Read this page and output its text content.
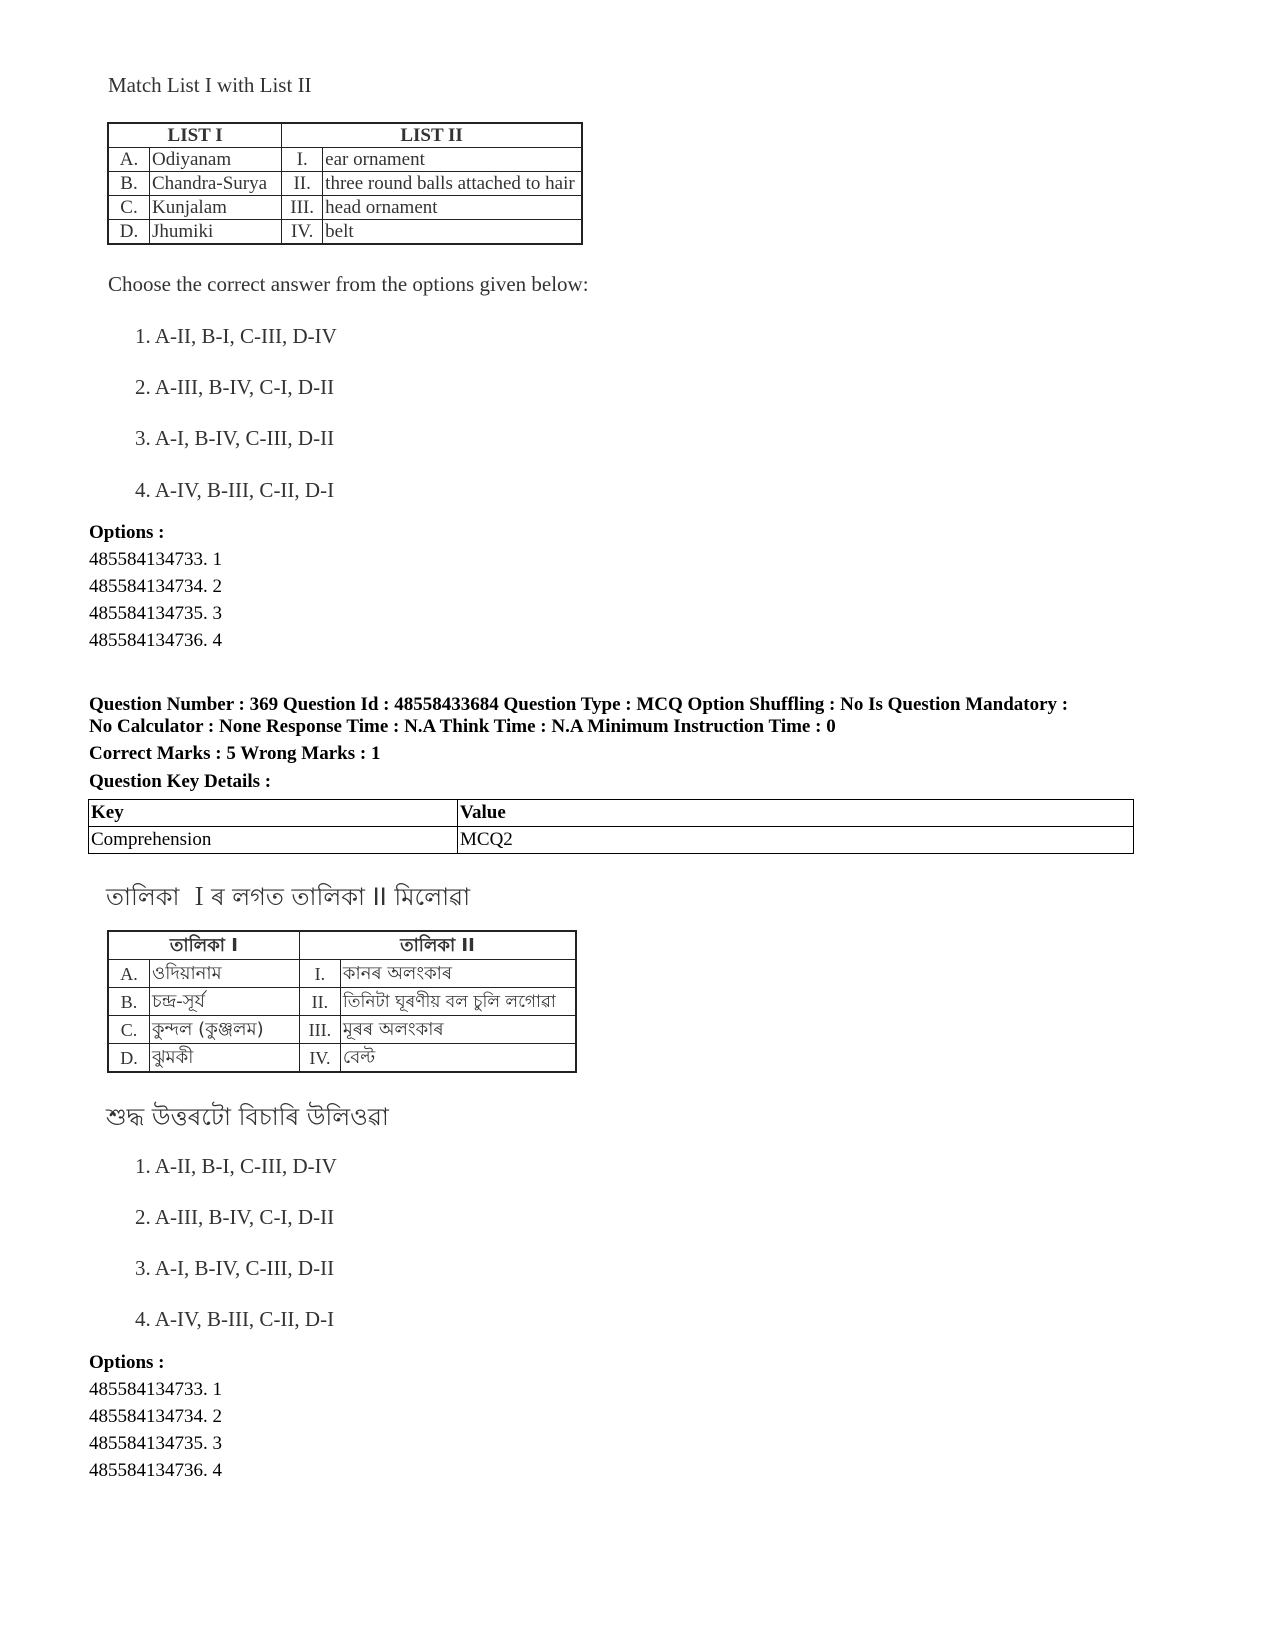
Match List I with List II
LIST I		LIST II	
A.	Odiyanam	I.	ear ornament
B.	Chandra-Surya	II.	three round balls attached to hair
C.	Kunjalam	III.	head ornament
D.	Jhumiki	IV.	belt
Choose the correct answer from the options given below:
1. A-II, B-I, C-III, D-IV
2. A-III, B-IV, C-I, D-II
3. A-I, B-IV, C-III, D-II
4. A-IV, B-III, C-II, D-I
Options :
485584134733. 1
485584134734. 2
485584134735. 3
485584134736. 4
Question Number : 369 Question Id : 48558433684 Question Type : MCQ Option Shuffling : No Is Question Mandatory :
No Calculator : None Response Time : N.A Think Time : N.A Minimum Instruction Time : 0
Correct Marks : 5 Wrong Marks : 1
Question Key Details :
Key	Value
Comprehension	MCQ2
তালিকা Ｉৰ লগত তালিকা II মিলোৱা
তালিকা I		তালিকা II	
A.	ওদিয়ানাম	I.	কানৰ অলংকাৰ
B.	চন্দ্ৰ-সূৰ্য	II.	তিনিটা ঘূৰণীয় বল চুলি লগোৱা
C.	কুন্দল (কুঞ্জলম)	III.	মূৰৰ অলংকাৰ
D.	ঝুমকী	IV.	বেল্ট
শুদ্ধ উত্তৰটো বিচাৰি উলিওৱা
1. A-II, B-I, C-III, D-IV
2. A-III, B-IV, C-I, D-II
3. A-I, B-IV, C-III, D-II
4. A-IV, B-III, C-II, D-I
Options :
485584134733. 1
485584134734. 2
485584134735. 3
485584134736. 4
